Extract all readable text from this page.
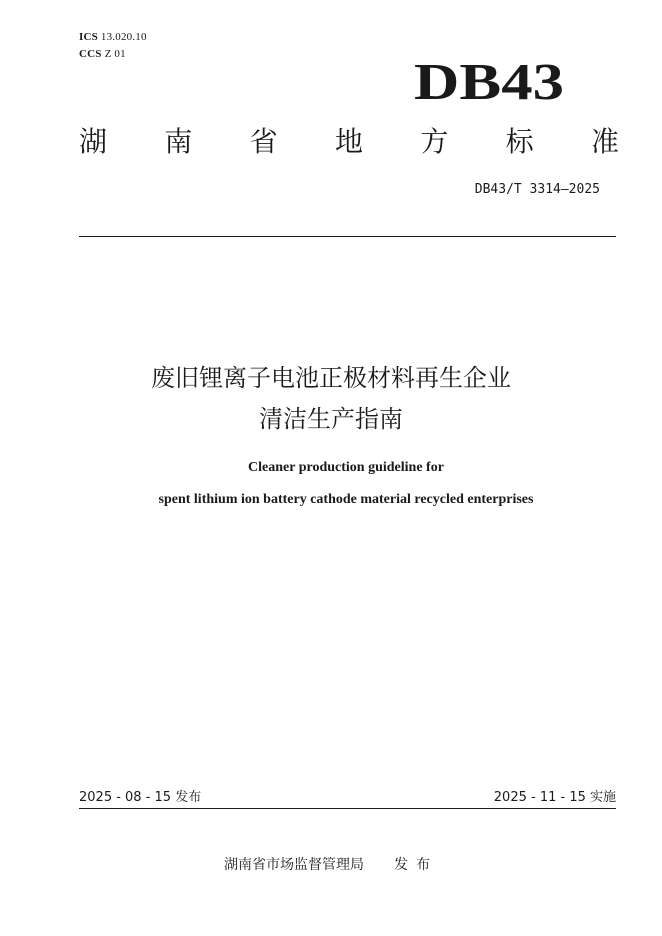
ICS 13.020.10
CCS Z 01	DB43
湖 南 省 地 方 标 准
DB43/T 3314—2025
废旧锂离子电池正极材料再生企业
清洁生产指南
Cleaner production guideline for
spent lithium ion battery cathode material recycled enterprises
2025 - 08 - 15 发布	2025 - 11 - 15 实施
湖南省市场监督管理局 发布
